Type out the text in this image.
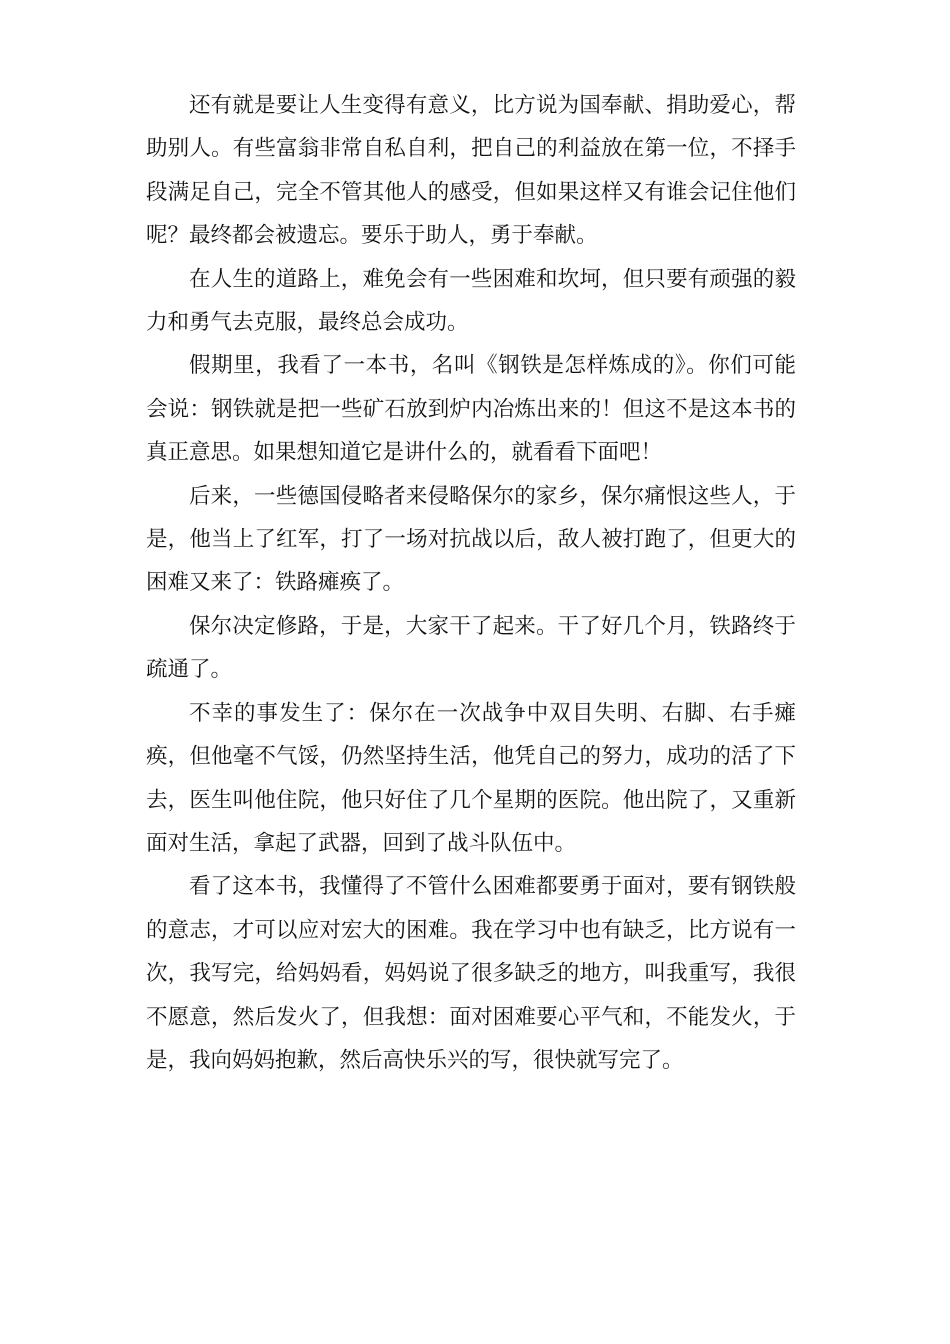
还有就是要让人生变得有意义，比方说为国奉献、捐助爱心，帮助别人。有些富翁非常自私自利，把自己的利益放在第一位，不择手段满足自己，完全不管其他人的感受，但如果这样又有谁会记住他们呢？最终都会被遗忘。要乐于助人，勇于奉献。

在人生的道路上，难免会有一些困难和坎坷，但只要有顽强的毅力和勇气去克服，最终总会成功。

假期里，我看了一本书，名叫《钢铁是怎样炼成的》。你们可能会说：钢铁就是把一些矿石放到炉内冶炼出来的！但这不是这本书的真正意思。如果想知道它是讲什么的，就看看下面吧！

后来，一些德国侵略者来侵略保尔的家乡，保尔痛恨这些人，于是，他当上了红军，打了一场对抗战以后，敌人被打跑了，但更大的困难又来了：铁路瘫痪了。

保尔决定修路，于是，大家干了起来。干了好几个月，铁路终于疏通了。

不幸的事发生了：保尔在一次战争中双目失明、右脚、右手瘫痪，但他毫不气馁，仍然坚持生活，他凭自己的努力，成功的活了下去，医生叫他住院，他只好住了几个星期的医院。他出院了，又重新面对生活，拿起了武器，回到了战斗队伍中。

看了这本书，我懂得了不管什么困难都要勇于面对，要有钢铁般的意志，才可以应对宏大的困难。我在学习中也有缺乏，比方说有一次，我写完，给妈妈看，妈妈说了很多缺乏的地方，叫我重写，我很不愿意，然后发火了，但我想：面对困难要心平气和，不能发火，于是，我向妈妈抱歉，然后高快乐兴的写，很快就写完了。
